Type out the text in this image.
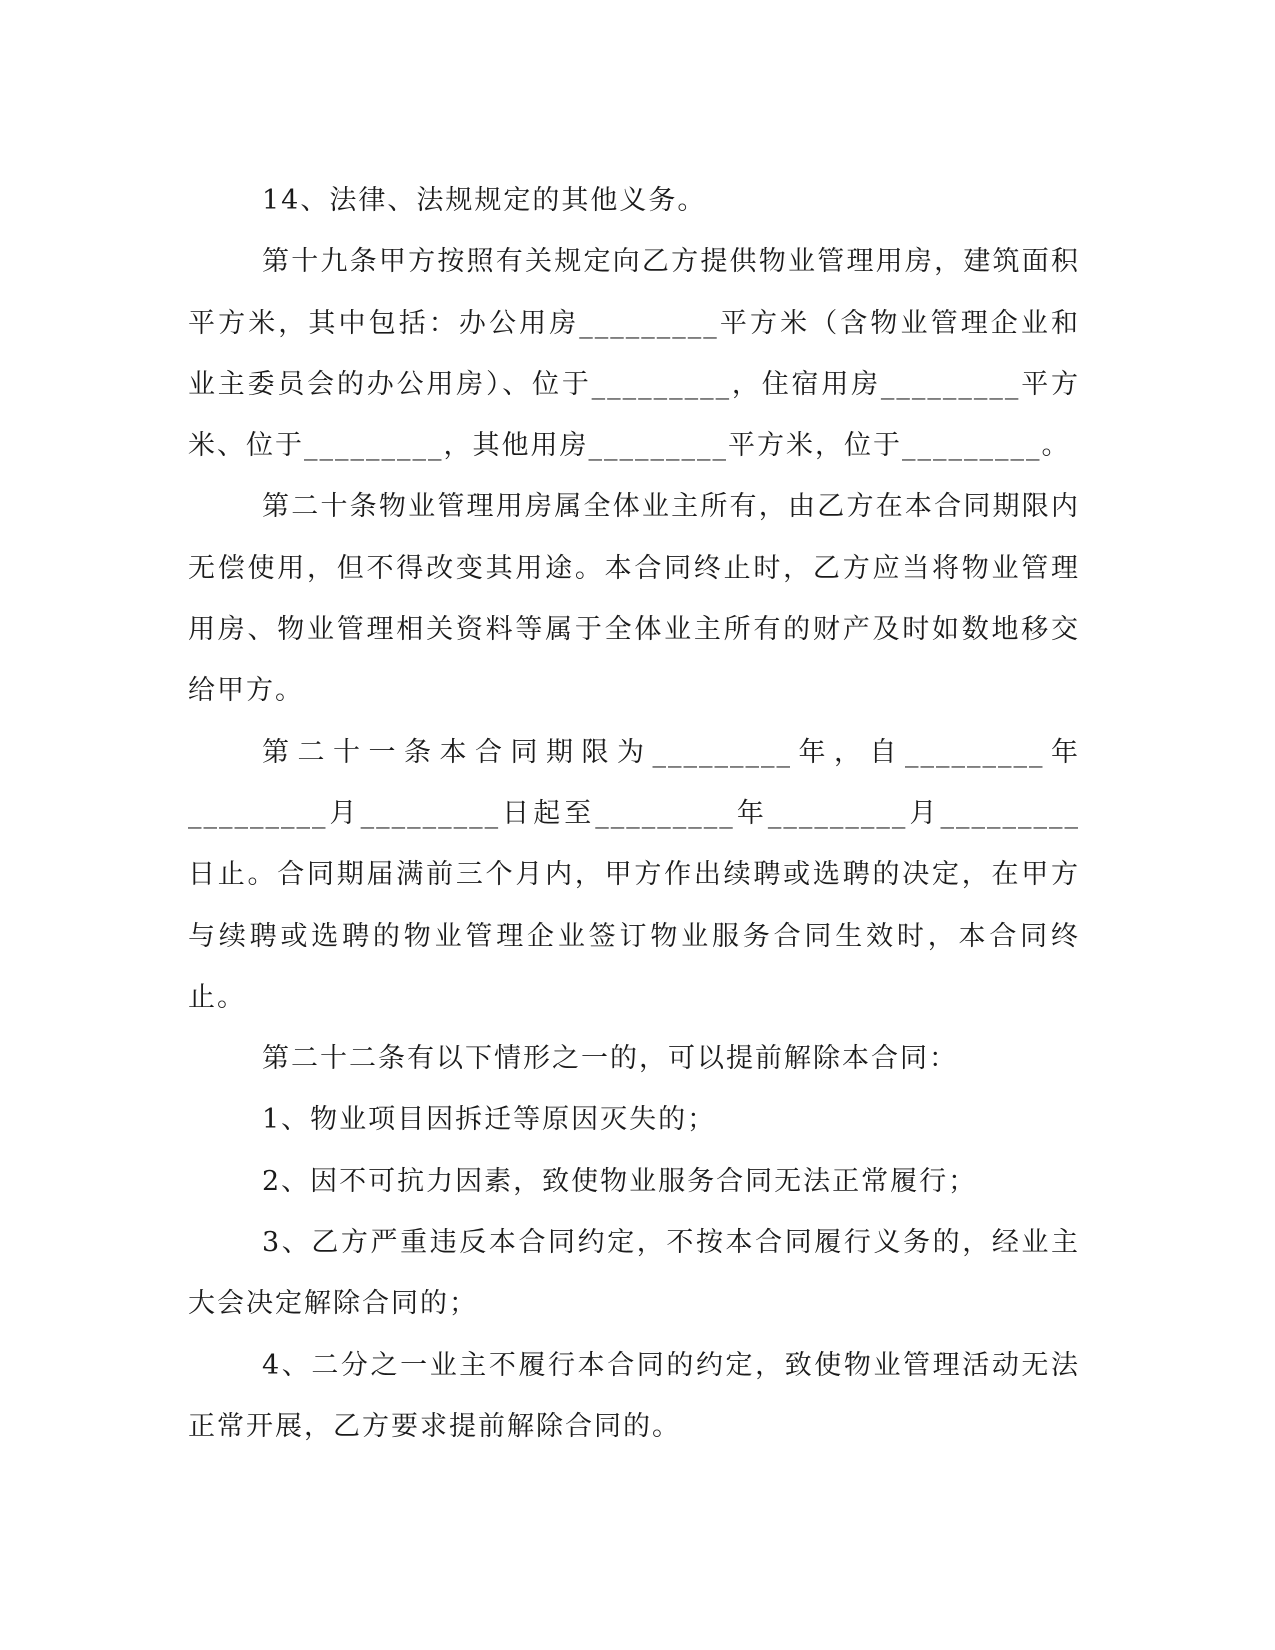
14、法律、法规规定的其他义务。

第十九条甲方按照有关规定向乙方提供物业管理用房，建筑面积平方米，其中包括：办公用房_________平方米（含物业管理企业和业主委员会的办公用房）、位于_________，住宿用房_________平方米、位于_________，其他用房_________平方米，位于_________。

第二十条物业管理用房属全体业主所有，由乙方在本合同期限内无偿使用，但不得改变其用途。本合同终止时，乙方应当将物业管理用房、物业管理相关资料等属于全体业主所有的财产及时如数地移交给甲方。

第二十一条本合同期限为_________年，自_________年_________月_________日起至_________年_________月_________日止。合同期届满前三个月内，甲方作出续聘或选聘的决定，在甲方与续聘或选聘的物业管理企业签订物业服务合同生效时，本合同终止。

第二十二条有以下情形之一的，可以提前解除本合同：

1、物业项目因拆迁等原因灭失的；

2、因不可抗力因素，致使物业服务合同无法正常履行；

3、乙方严重违反本合同约定，不按本合同履行义务的，经业主大会决定解除合同的；

4、二分之一业主不履行本合同的约定，致使物业管理活动无法正常开展，乙方要求提前解除合同的。
